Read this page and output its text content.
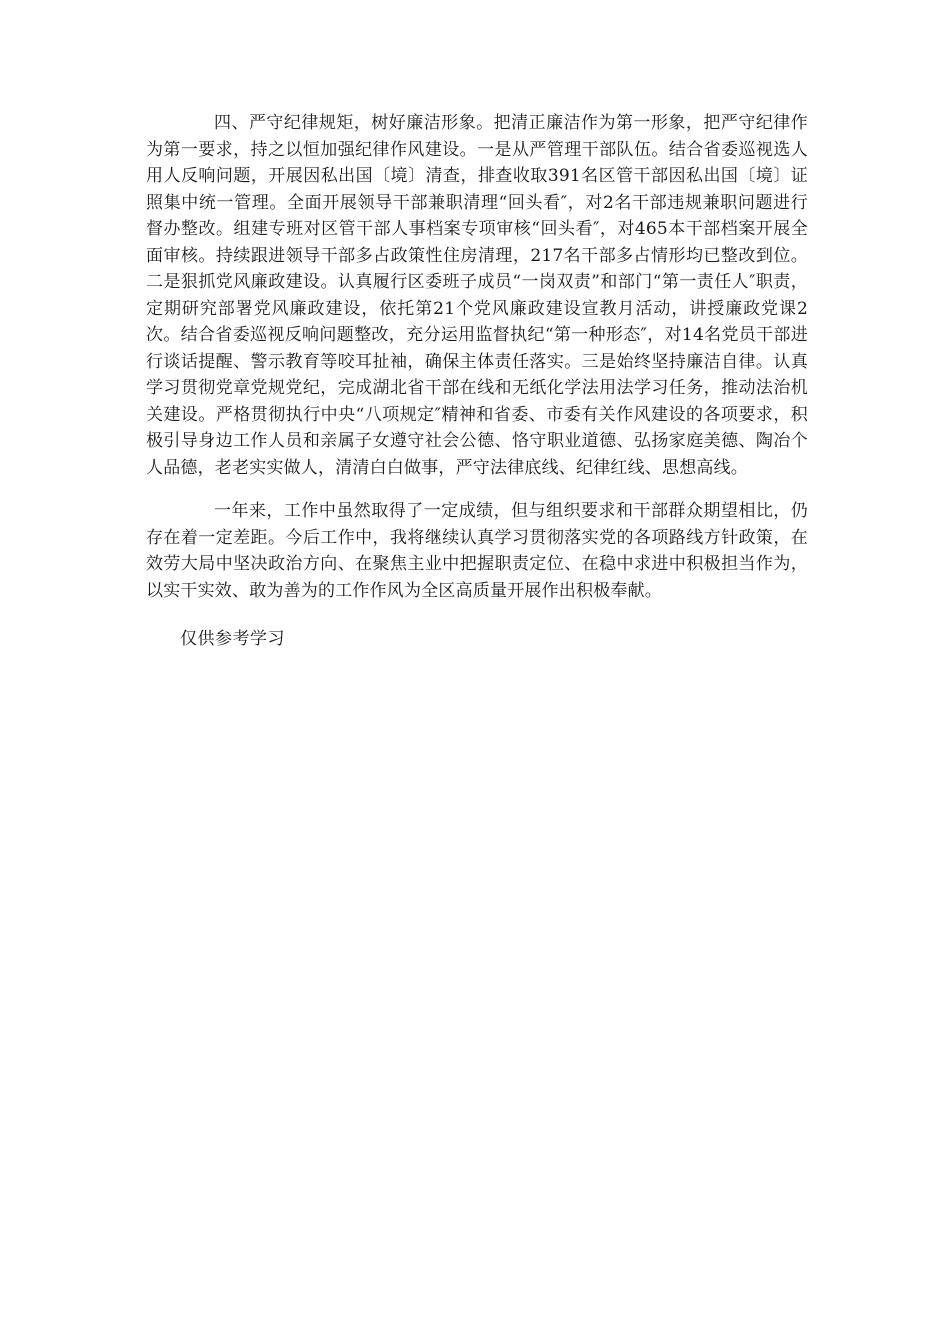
四、严守纪律规矩，树好廉洁形象。把清正廉洁作为第一形象，把严守纪律作为第一要求，持之以恒加强纪律作风建设。一是从严管理干部队伍。结合省委巡视选人用人反响问题，开展因私出国〔境〕清查，排查收取391名区管干部因私出国〔境〕证照集中统一管理。全面开展领导干部兼职清理“回头看″，对2名干部违规兼职问题进行督办整改。组建专班对区管干部人事档案专项审核“回头看″，对465本干部档案开展全面审核。持续跟进领导干部多占政策性住房清理，217名干部多占情形均已整改到位。二是狠抓党风廉政建设。认真履行区委班子成员“一岗双责”和部门“第一责任人″职责，定期研究部署党风廉政建设，依托第21个党风廉政建设宣教月活动，讲授廉政党课2次。结合省委巡视反响问题整改，充分运用监督执纪“第一种形态″，对14名党员干部进行谈话提醒、警示教育等咬耳扯袖，确保主体责任落实。三是始终坚持廉洁自律。认真学习贯彻党章党规党纪，完成湖北省干部在线和无纸化学法用法学习任务，推动法治机关建设。严格贯彻执行中央“八项规定″精神和省委、市委有关作风建设的各项要求，积极引导身边工作人员和亲属子女遵守社会公德、恪守职业道德、弘扬家庭美德、陶冶个人品德，老老实实做人，清清白白做事，严守法律底线、纪律红线、思想高线。

一年来，工作中虽然取得了一定成绩，但与组织要求和干部群众期望相比，仍存在着一定差距。今后工作中，我将继续认真学习贯彻落实党的各项路线方针政策，在效劳大局中坚决政治方向、在聚焦主业中把握职责定位、在稳中求进中积极担当作为，以实干实效、敢为善为的工作作风为全区高质量开展作出积极奉献。

仅供参考学习
